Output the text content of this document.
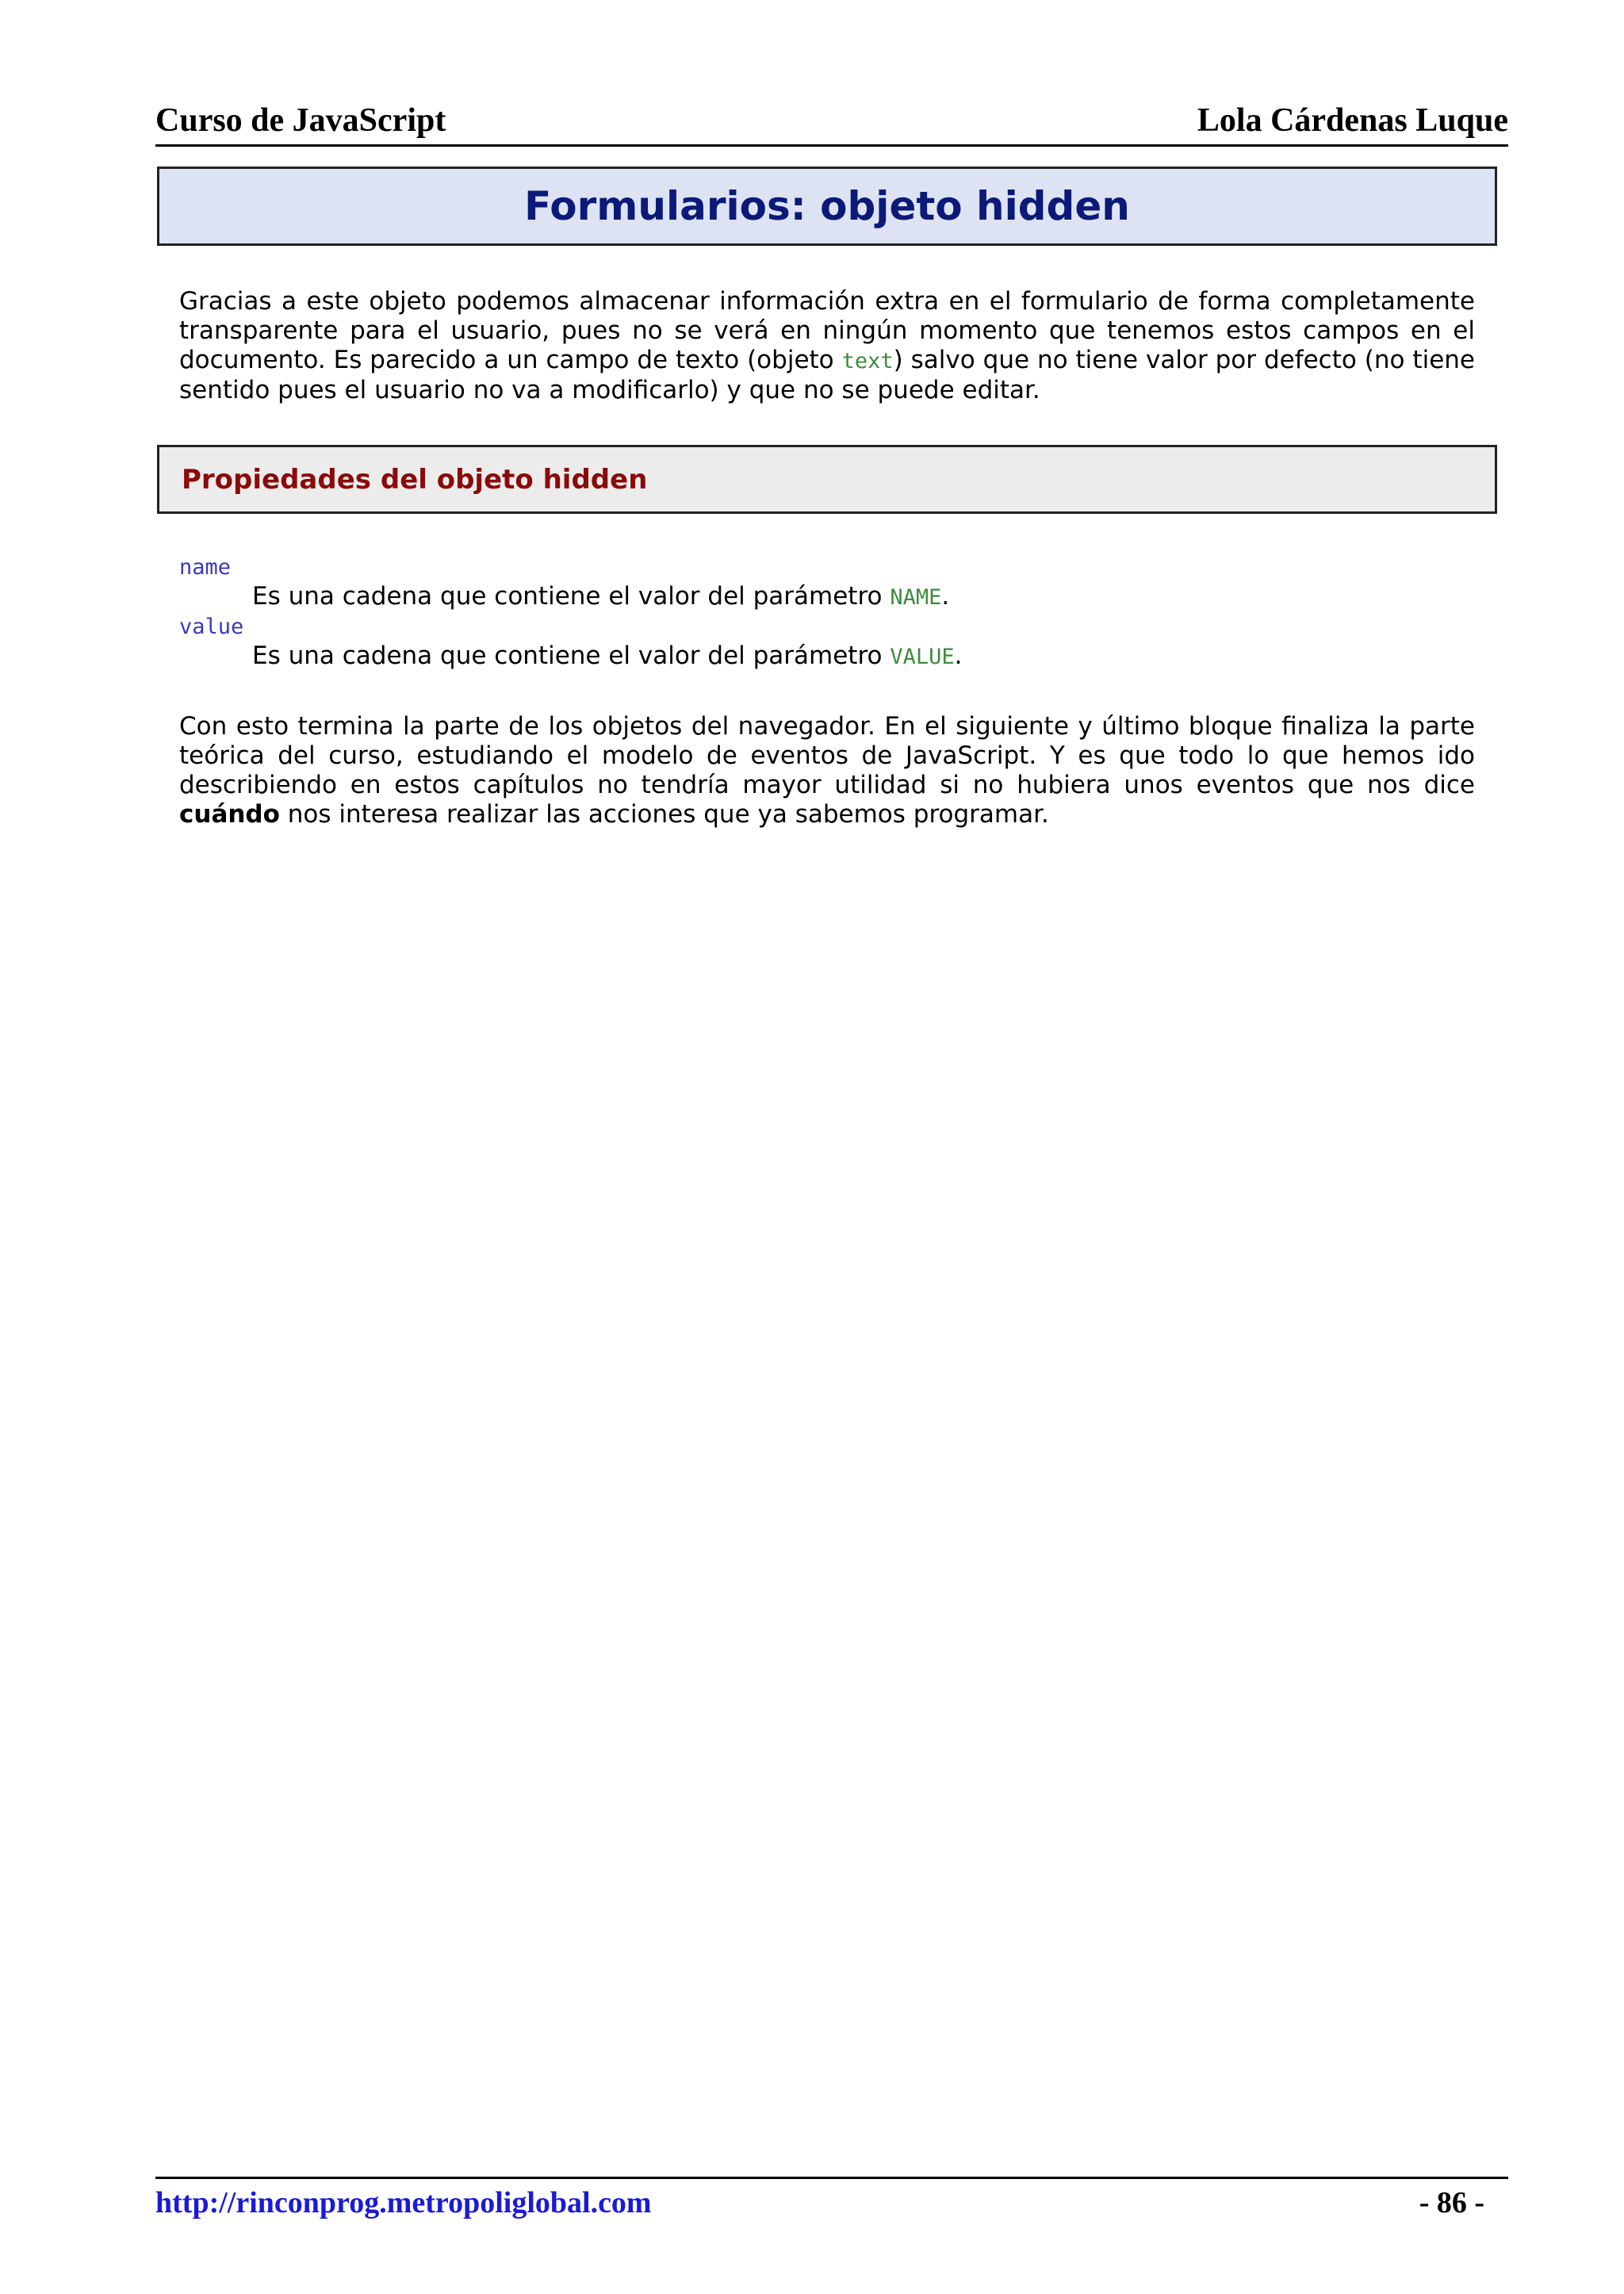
Curso de JavaScript	Lola Cárdenas Luque
Formularios: objeto hidden
Gracias a este objeto podemos almacenar información extra en el formulario de forma completamente transparente para el usuario, pues no se verá en ningún momento que tenemos estos campos en el documento. Es parecido a un campo de texto (objeto text) salvo que no tiene valor por defecto (no tiene sentido pues el usuario no va a modificarlo) y que no se puede editar.
Propiedades del objeto hidden
name
Es una cadena que contiene el valor del parámetro NAME.
value
Es una cadena que contiene el valor del parámetro VALUE.
Con esto termina la parte de los objetos del navegador. En el siguiente y último bloque finaliza la parte teórica del curso, estudiando el modelo de eventos de JavaScript. Y es que todo lo que hemos ido describiendo en estos capítulos no tendría mayor utilidad si no hubiera unos eventos que nos dice cuándo nos interesa realizar las acciones que ya sabemos programar.
http://rinconprog.metropoliglobal.com	- 86 -
